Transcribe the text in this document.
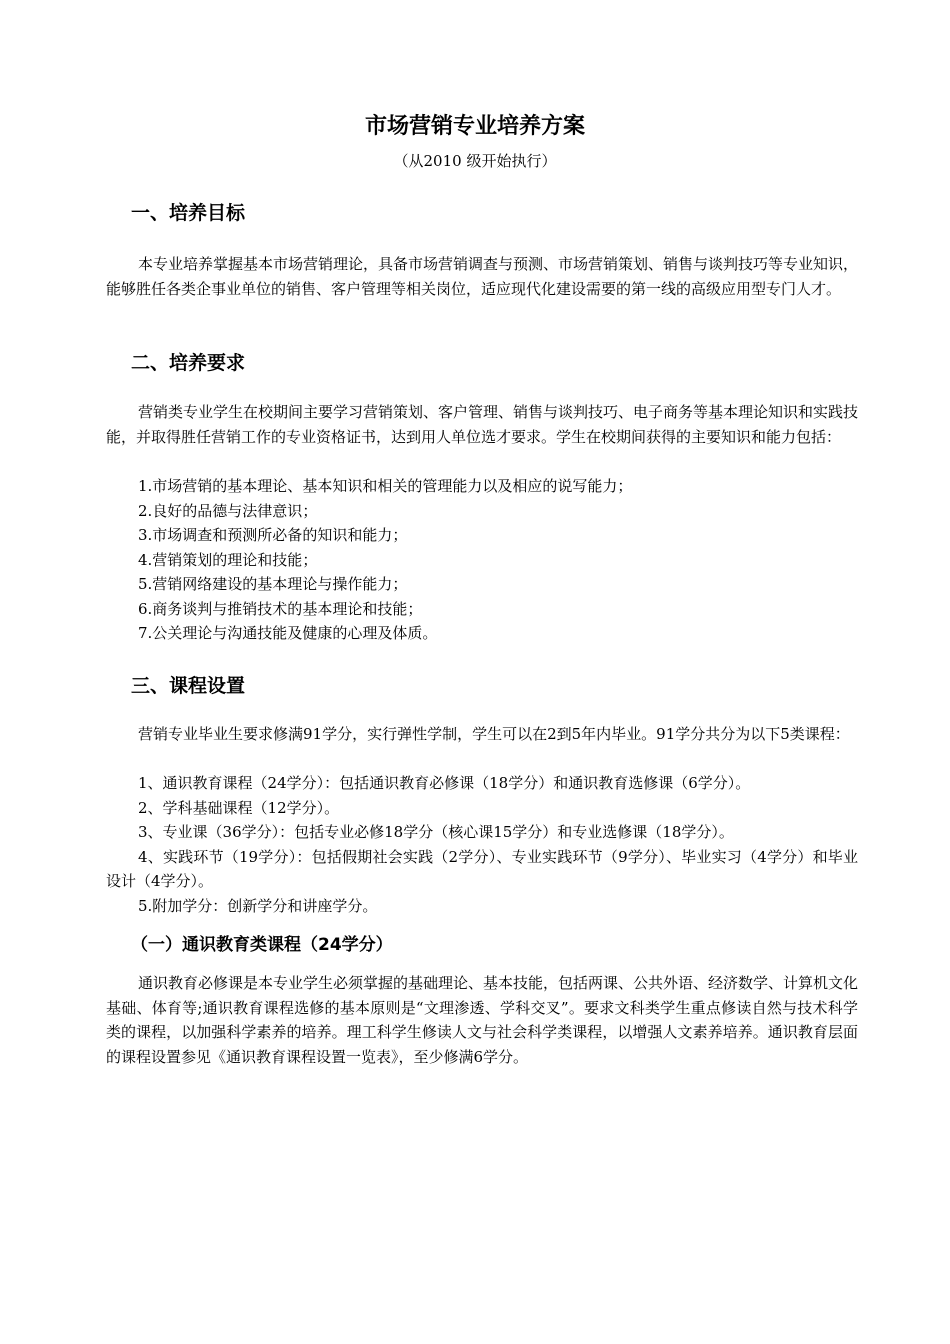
市场营销专业培养方案
（从2010 级开始执行）
一、培养目标

本专业培养掌握基本市场营销理论，具备市场营销调查与预测、市场营销策划、销售与谈判技巧等专业知识，能够胜任各类企事业单位的销售、客户管理等相关岗位，适应现代化建设需要的第一线的高级应用型专门人才。

二、培养要求

营销类专业学生在校期间主要学习营销策划、客户管理、销售与谈判技巧、电子商务等基本理论知识和实践技能，并取得胜任营销工作的专业资格证书，达到用人单位选才要求。学生在校期间获得的主要知识和能力包括：

1.市场营销的基本理论、基本知识和相关的管理能力以及相应的说写能力；
2.良好的品德与法律意识；
3.市场调查和预测所必备的知识和能力；
4.营销策划的理论和技能；
5.营销网络建设的基本理论与操作能力；
6.商务谈判与推销技术的基本理论和技能；
7.公关理论与沟通技能及健康的心理及体质。
三、课程设置

营销专业毕业生要求修满91学分，实行弹性学制，学生可以在2到5年内毕业。91学分共分为以下5类课程：

1、通识教育课程（24学分）：包括通识教育必修课（18学分）和通识教育选修课（6学分）。
2、学科基础课程（12学分）。
3、专业课（36学分）：包括专业必修18学分（核心课15学分）和专业选修课（18学分）。
4、实践环节（19学分）：包括假期社会实践（2学分）、专业实践环节（9学分）、毕业实习（4学分）和毕业设计（4学分）。
5.附加学分：创新学分和讲座学分。
（一）通识教育类课程（24学分）

通识教育必修课是本专业学生必须掌握的基础理论、基本技能，包括两课、公共外语、经济数学、计算机文化基础、体育等;通识教育课程选修的基本原则是“文理渗透、学科交叉”。要求文科类学生重点修读自然与技术科学类的课程，以加强科学素养的培养。理工科学生修读人文与社会科学类课程，以增强人文素养培养。通识教育层面的课程设置参见《通识教育课程设置一览表》，至少修满6学分。
